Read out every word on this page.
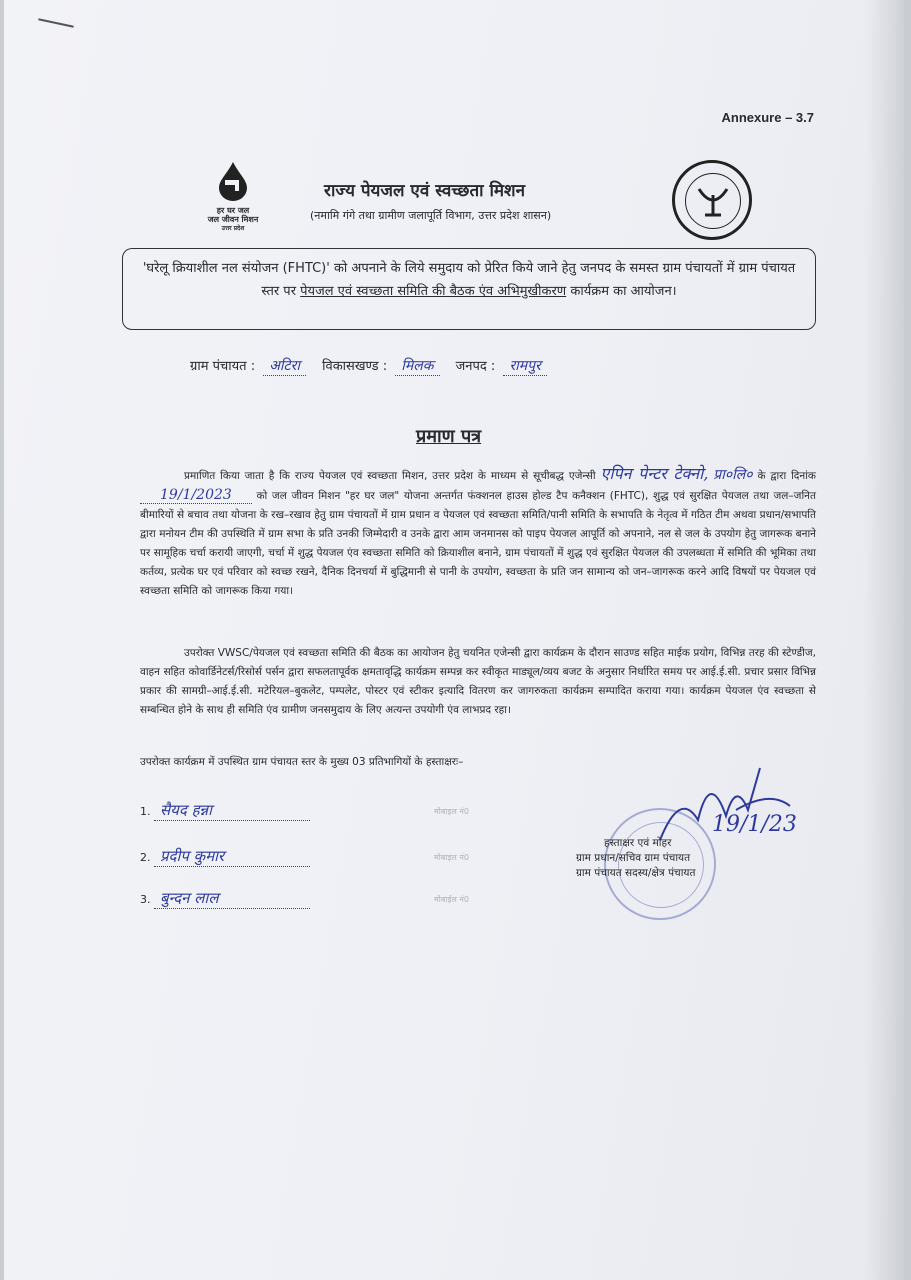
Annexure – 3.7
हर घर जल
जल जीवन मिशन
उत्तर प्रदेश
राज्य पेयजल एवं स्वच्छता मिशन
(नमामि गंगे तथा ग्रामीण जलापूर्ति विभाग, उत्तर प्रदेश शासन)
'घरेलू क्रियाशील नल संयोजन (FHTC)' को अपनाने के लिये समुदाय को प्रेरित किये जाने हेतु जनपद के समस्त ग्राम पंचायतों में ग्राम पंचायत स्तर पर पेयजल एवं स्वच्छता समिति की बैठक एंव अभिमुखीकरण कार्यक्रम का आयोजन।
ग्राम पंचायत : अटिरा विकासखण्ड : मिलक जनपद : रामपुर
प्रमाण पत्र
प्रमाणित किया जाता है कि राज्य पेयजल एवं स्वच्छता मिशन, उत्तर प्रदेश के माध्यम से सूचीबद्ध एजेन्सी एपिन पेन्टर टेक्नो, प्रा०लि० के द्वारा दिनांक 19/1/2023 को जल जीवन मिशन "हर घर जल" योजना अन्तर्गत फंक्शनल हाउस होल्ड टैप कनैक्शन (FHTC), शुद्ध एवं सुरक्षित पेयजल तथा जल–जनित बीमारियों से बचाव तथा योजना के रख–रखाव हेतु ग्राम पंचायतों में ग्राम प्रधान व पेयजल एवं स्वच्छता समिति/पानी समिति के सभापति के नेतृत्व में गठित टीम अथवा प्रधान/सभापति द्वारा मनोयन टीम की उपस्थिति में ग्राम सभा के प्रति उनकी जिम्मेदारी व उनके द्वारा आम जनमानस को पाइप पेयजल आपूर्ति को अपनाने, नल से जल के उपयोग हेतु जागरूक बनाने पर सामूहिक चर्चा करायी जाएगी, चर्चा में शुद्ध पेयजल एंव स्वच्छता समिति को क्रियाशील बनाने, ग्राम पंचायतों में शुद्ध एवं सुरक्षित पेयजल की उपलब्धता में समिति की भूमिका तथा कर्तव्य, प्रत्येक घर एवं परिवार को स्वच्छ रखने, दैनिक दिनचर्या में बुद्धिमानी से पानी के उपयोग, स्वच्छता के प्रति जन सामान्य को जन–जागरूक करने आदि विषयों पर पेयजल एवं स्वच्छता समिति को जागरूक किया गया।
उपरोक्त VWSC/पेयजल एवं स्वच्छता समिति की बैठक का आयोजन हेतु चयनित एजेन्सी द्वारा कार्यक्रम के दौरान साउण्ड सहित माईक प्रयोग, विभिन्न तरह की स्टेण्डीज, वाहन सहित कोवार्डिनेटर्स/रिसोर्स पर्सन द्वारा सफलतापूर्वक क्षमतावृद्धि कार्यक्रम सम्पन्न कर स्वीकृत माड्यूल/व्यय बजट के अनुसार निर्धारित समय पर आई.ई.सी. प्रचार प्रसार विभिन्न प्रकार की सामग्री–आई.ई.सी. मटेरियल–बुकलेट, पम्पलेट, पोस्टर एवं स्टीकर इत्यादि वितरण कर जागरुकता कार्यक्रम सम्पादित कराया गया। कार्यक्रम पेयजल एंव स्वच्छता से सम्बन्धित होने के साथ ही समिति एंव ग्रामीण जनसमुदाय के लिए अत्यन्त उपयोगी एंव लाभप्रद रहा।
उपरोक्त कार्यक्रम में उपस्थित ग्राम पंचायत स्तर के मुख्य 03 प्रतिभागियों के हस्ताक्षरः–
1. सैयद हन्ना
2. प्रदीप कुमार
3. बुन्दन लाल
मोबाइल नं0
मोबाइल नं0
मोबाईल नं0
19/1/23
हस्ताक्षर एवं मोहर
ग्राम प्रधान/सचिव ग्राम पंचायत
ग्राम पंचायत सदस्य/क्षेत्र पंचायत
